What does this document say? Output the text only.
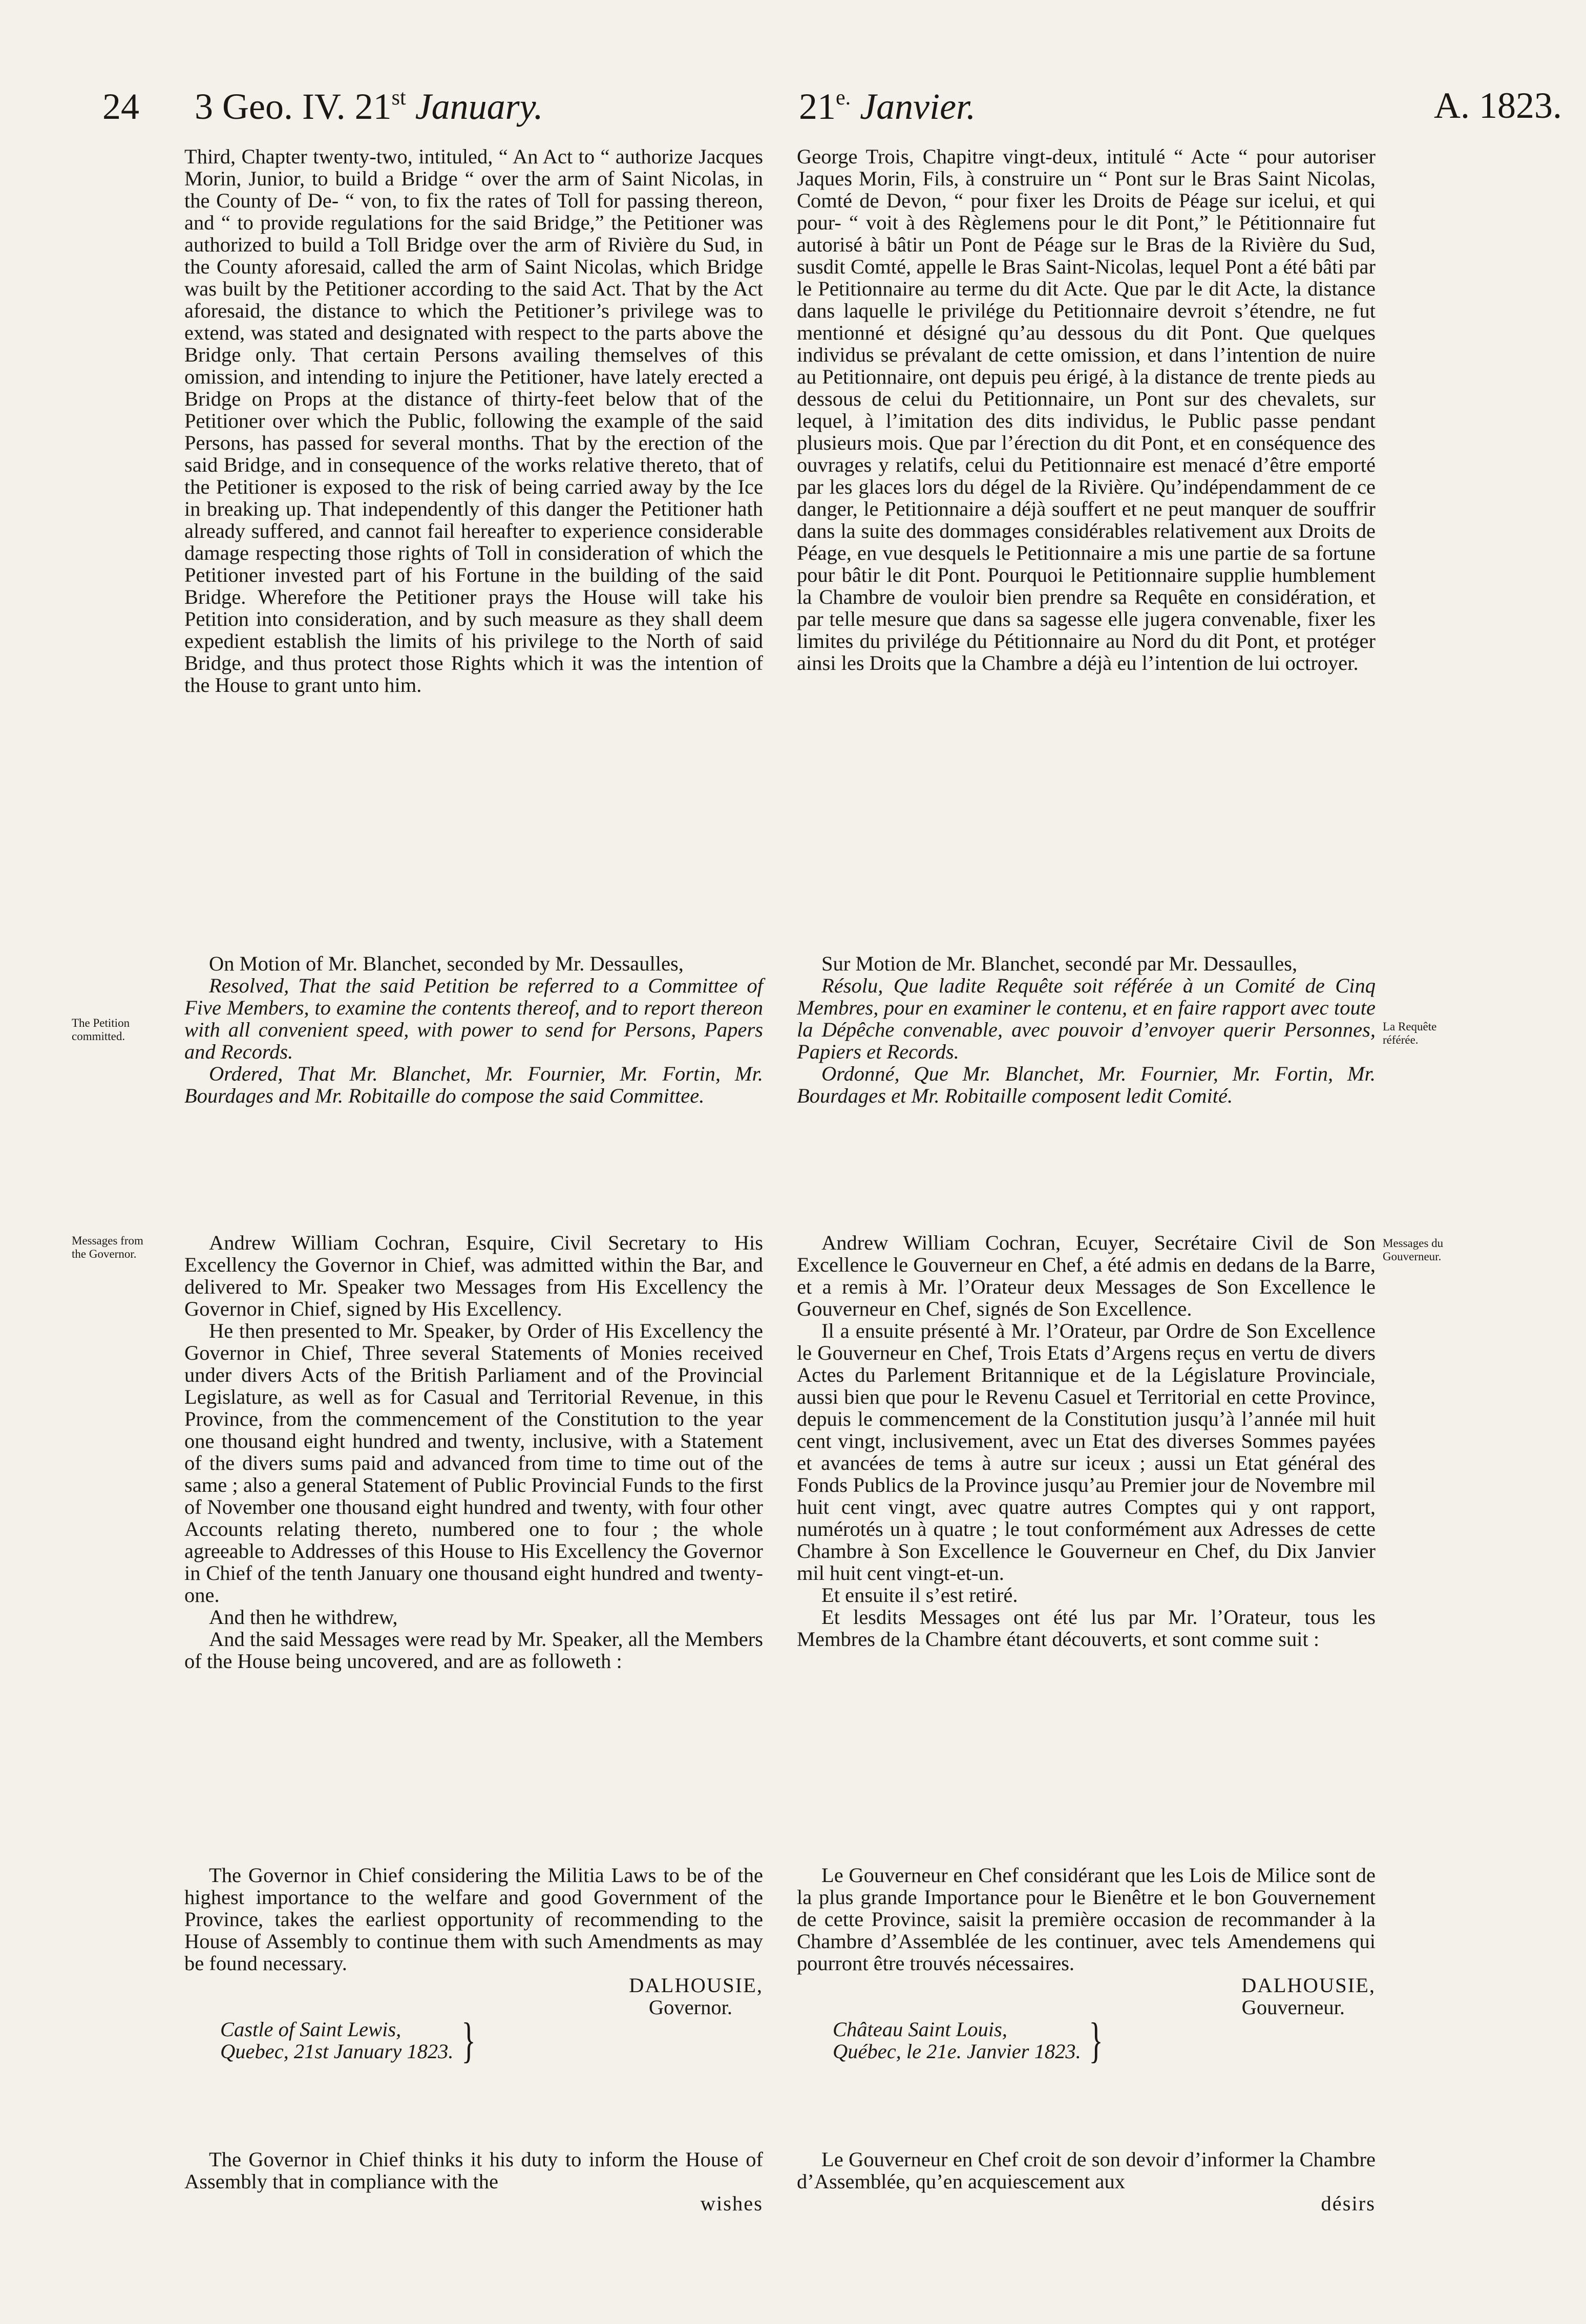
24 3 Geo. IV. 21st January.	$21^{e.}$ Janvier.	A. 1823.
The Petition committed.
La Requête référée.
Messages from the Governor.
Messages du Gouverneur.

Third, Chapter twenty-two, intituled, “ An Act to “ authorize Jacques Morin, Junior, to build a Bridge “ over the arm of Saint Nicolas, in the County of De- “ von, to fix the rates of Toll for passing thereon, and “ to provide regulations for the said Bridge,” the Petitioner was authorized to build a Toll Bridge over the arm of Rivière du Sud, in the County aforesaid, called the arm of Saint Nicolas, which Bridge was built by the Petitioner according to the said Act. That by the Act aforesaid, the distance to which the Petitioner’s privilege was to extend, was stated and designated with respect to the parts above the Bridge only. That certain Persons availing themselves of this omission, and intending to injure the Petitioner, have lately erected a Bridge on Props at the distance of thirty-feet below that of the Petitioner over which the Public, following the example of the said Persons, has passed for several months. That by the erection of the said Bridge, and in consequence of the works relative thereto, that of the Petitioner is exposed to the risk of being carried away by the Ice in breaking up. That independently of this danger the Petitioner hath already suffered, and cannot fail hereafter to experience considerable damage respecting those rights of Toll in consideration of which the Petitioner invested part of his Fortune in the building of the said Bridge. Wherefore the Petitioner prays the House will take his Petition into consideration, and by such measure as they shall deem expedient establish the limits of his privilege to the North of said Bridge, and thus protect those Rights which it was the intention of the House to grant unto him.

On Motion of Mr. Blanchet, seconded by Mr. Dessaulles,

Resolved, That the said Petition be referred to a Committee of Five Members, to examine the contents thereof, and to report thereon with all convenient speed, with power to send for Persons, Papers and Records.

Ordered, That Mr. Blanchet, Mr. Fournier, Mr. Fortin, Mr. Bourdages and Mr. Robitaille do compose the said Committee.

Andrew William Cochran, Esquire, Civil Secretary to His Excellency the Governor in Chief, was admitted within the Bar, and delivered to Mr. Speaker two Messages from His Excellency the Governor in Chief, signed by His Excellency.

He then presented to Mr. Speaker, by Order of His Excellency the Governor in Chief, Three several Statements of Monies received under divers Acts of the British Parliament and of the Provincial Legislature, as well as for Casual and Territorial Revenue, in this Province, from the commencement of the Constitution to the year one thousand eight hundred and twenty, inclusive, with a Statement of the divers sums paid and advanced from time to time out of the same ; also a general Statement of Public Provincial Funds to the first of November one thousand eight hundred and twenty, with four other Accounts relating thereto, numbered one to four ; the whole agreeable to Addresses of this House to His Excellency the Governor in Chief of the tenth January one thousand eight hundred and twenty-one.

And then he withdrew,

And the said Messages were read by Mr. Speaker, all the Members of the House being uncovered, and are as followeth :

The Governor in Chief considering the Militia Laws to be of the highest importance to the welfare and good Government of the Province, takes the earliest opportunity of recommending to the House of Assembly to continue them with such Amendments as may be found necessary.

DALHOUSIE,
Governor.
Castle of Saint Lewis,
Quebec, 21st January 1823. }

The Governor in Chief thinks it his duty to inform the House of Assembly that in compliance with the

wishes

George Trois, Chapitre vingt-deux, intitulé “ Acte “ pour autoriser Jaques Morin, Fils, à construire un “ Pont sur le Bras Saint Nicolas, Comté de Devon, “ pour fixer les Droits de Péage sur icelui, et qui pour- “ voit à des Règlemens pour le dit Pont,” le Pétitionnaire fut autorisé à bâtir un Pont de Péage sur le Bras de la Rivière du Sud, susdit Comté, appelle le Bras Saint-Nicolas, lequel Pont a été bâti par le Petitionnaire au terme du dit Acte. Que par le dit Acte, la distance dans laquelle le privilége du Petitionnaire devroit s’étendre, ne fut mentionné et désigné qu’au dessous du dit Pont. Que quelques individus se prévalant de cette omission, et dans l’intention de nuire au Petitionnaire, ont depuis peu érigé, à la distance de trente pieds au dessous de celui du Petitionnaire, un Pont sur des chevalets, sur lequel, à l’imitation des dits individus, le Public passe pendant plusieurs mois. Que par l’érection du dit Pont, et en conséquence des ouvrages y relatifs, celui du Petitionnaire est menacé d’être emporté par les glaces lors du dégel de la Rivière. Qu’indépendamment de ce danger, le Petitionnaire a déjà souffert et ne peut manquer de souffrir dans la suite des dommages considérables relativement aux Droits de Péage, en vue desquels le Petitionnaire a mis une partie de sa fortune pour bâtir le dit Pont. Pourquoi le Petitionnaire supplie humblement la Chambre de vouloir bien prendre sa Requête en considération, et par telle mesure que dans sa sagesse elle jugera convenable, fixer les limites du privilége du Pétitionnaire au Nord du dit Pont, et protéger ainsi les Droits que la Chambre a déjà eu l’intention de lui octroyer.

Sur Motion de Mr. Blanchet, secondé par Mr. Dessaulles,

Résolu, Que ladite Requête soit référée à un Comité de Cinq Membres, pour en examiner le contenu, et en faire rapport avec toute la Dépêche convenable, avec pouvoir d’envoyer querir Personnes, Papiers et Records.

Ordonné, Que Mr. Blanchet, Mr. Fournier, Mr. Fortin, Mr. Bourdages et Mr. Robitaille composent ledit Comité.

Andrew William Cochran, Ecuyer, Secrétaire Civil de Son Excellence le Gouverneur en Chef, a été admis en dedans de la Barre, et a remis à Mr. l’Orateur deux Messages de Son Excellence le Gouverneur en Chef, signés de Son Excellence.

Il a ensuite présenté à Mr. l’Orateur, par Ordre de Son Excellence le Gouverneur en Chef, Trois Etats d’Argens reçus en vertu de divers Actes du Parlement Britannique et de la Législature Provinciale, aussi bien que pour le Revenu Casuel et Territorial en cette Province, depuis le commencement de la Constitution jusqu’à l’année mil huit cent vingt, inclusivement, avec un Etat des diverses Sommes payées et avancées de tems à autre sur iceux ; aussi un Etat général des Fonds Publics de la Province jusqu’au Premier jour de Novembre mil huit cent vingt, avec quatre autres Comptes qui y ont rapport, numérotés un à quatre ; le tout conformément aux Adresses de cette Chambre à Son Excellence le Gouverneur en Chef, du Dix Janvier mil huit cent vingt-et-un.

Et ensuite il s’est retiré.

Et lesdits Messages ont été lus par Mr. l’Orateur, tous les Membres de la Chambre étant découverts, et sont comme suit :

Le Gouverneur en Chef considérant que les Lois de Milice sont de la plus grande Importance pour le Bienêtre et le bon Gouvernement de cette Province, saisit la première occasion de recommander à la Chambre d’Assemblée de les continuer, avec tels Amendemens qui pourront être trouvés nécessaires.

DALHOUSIE,
Gouverneur.
Château Saint Louis,
Québec, le 21e. Janvier 1823. }

Le Gouverneur en Chef croit de son devoir d’informer la Chambre d’Assemblée, qu’en acquiescement aux

désirs
